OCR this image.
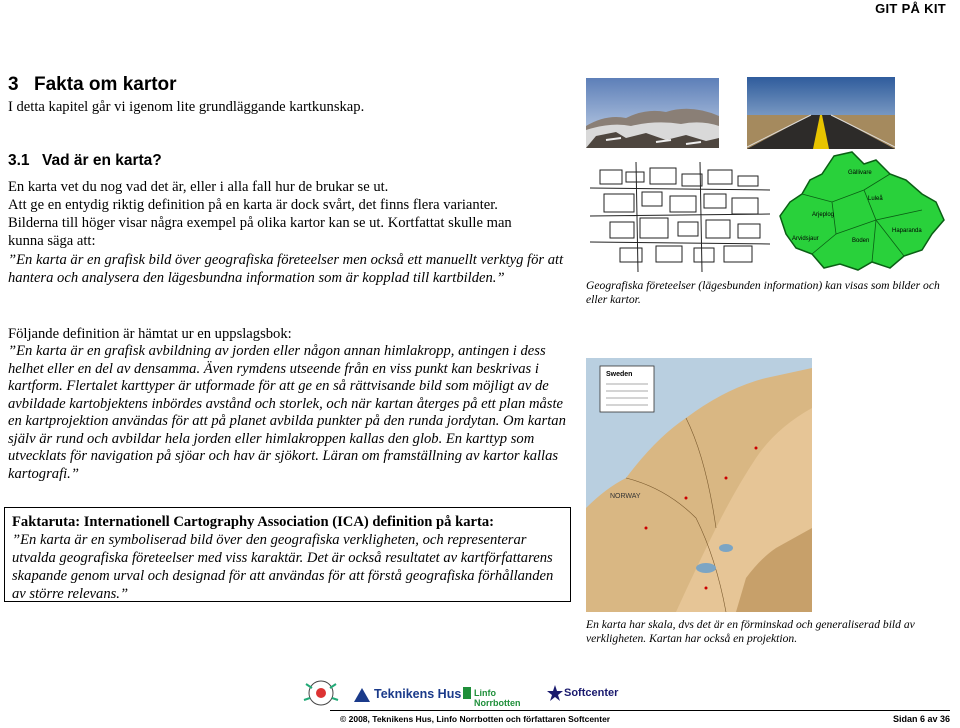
GIT PÅ KIT
3 Fakta om kartor
I detta kapitel går vi igenom lite grundläggande kartkunskap.
3.1 Vad är en karta?
En karta vet du nog vad det är, eller i alla fall hur de brukar se ut.
Att ge en entydig riktig definition på en karta är dock svårt, det finns flera varianter.
Bilderna till höger visar några exempel på olika kartor kan se ut. Kortfattat skulle man
kunna säga att:
”En karta är en grafisk bild över geografiska företeelser men också ett manuellt verktyg för att hantera och analysera den lägesbundna information som är kopplad till kartbilden.”
Följande definition är hämtat ur en uppslagsbok:
”En karta är en grafisk avbildning av jorden eller någon annan himlakropp, antingen i dess helhet eller en del av densamma. Även rymdens utseende från en viss punkt kan beskrivas i kartform. Flertalet karttyper är utformade för att ge en så rättvisande bild som möjligt av de avbildade kartobjektens inbördes avstånd och storlek, och när kartan återges på ett plan måste en kartprojektion användas för att på planet avbilda punkter på den runda jordytan. Om kartan själv är rund och avbildar hela jorden eller himlakroppen kallas den glob. En karttyp som utvecklats för navigation på sjöar och hav är sjökort. Läran om framställning av kartor kallas kartografi.”
Faktaruta: Internationell Cartography Association (ICA) definition på karta:
”En karta är en symboliserad bild över den geografiska verkligheten, och representerar utvalda geografiska företeelser med viss karaktär. Det är också resultatet av kartförfattarens skapande genom urval och designad för att användas för att förstå geografiska förhållanden av större relevans.”
Gällivare
Luleå
Arjeplog
Arvidsjaur	Boden
Haparanda
Geografiska företeelser (lägesbunden information) kan visas som bilder och eller kartor.
Sweden
NORWAY
En karta har skala, dvs det är en förminskad och generaliserad bild av verkligheten. Kartan har också en projektion.
Teknikens Hus Linfo Norrbotten
Softcenter
© 2008, Teknikens Hus, Linfo Norrbotten och författaren Softcenter	Sidan 6 av 36
